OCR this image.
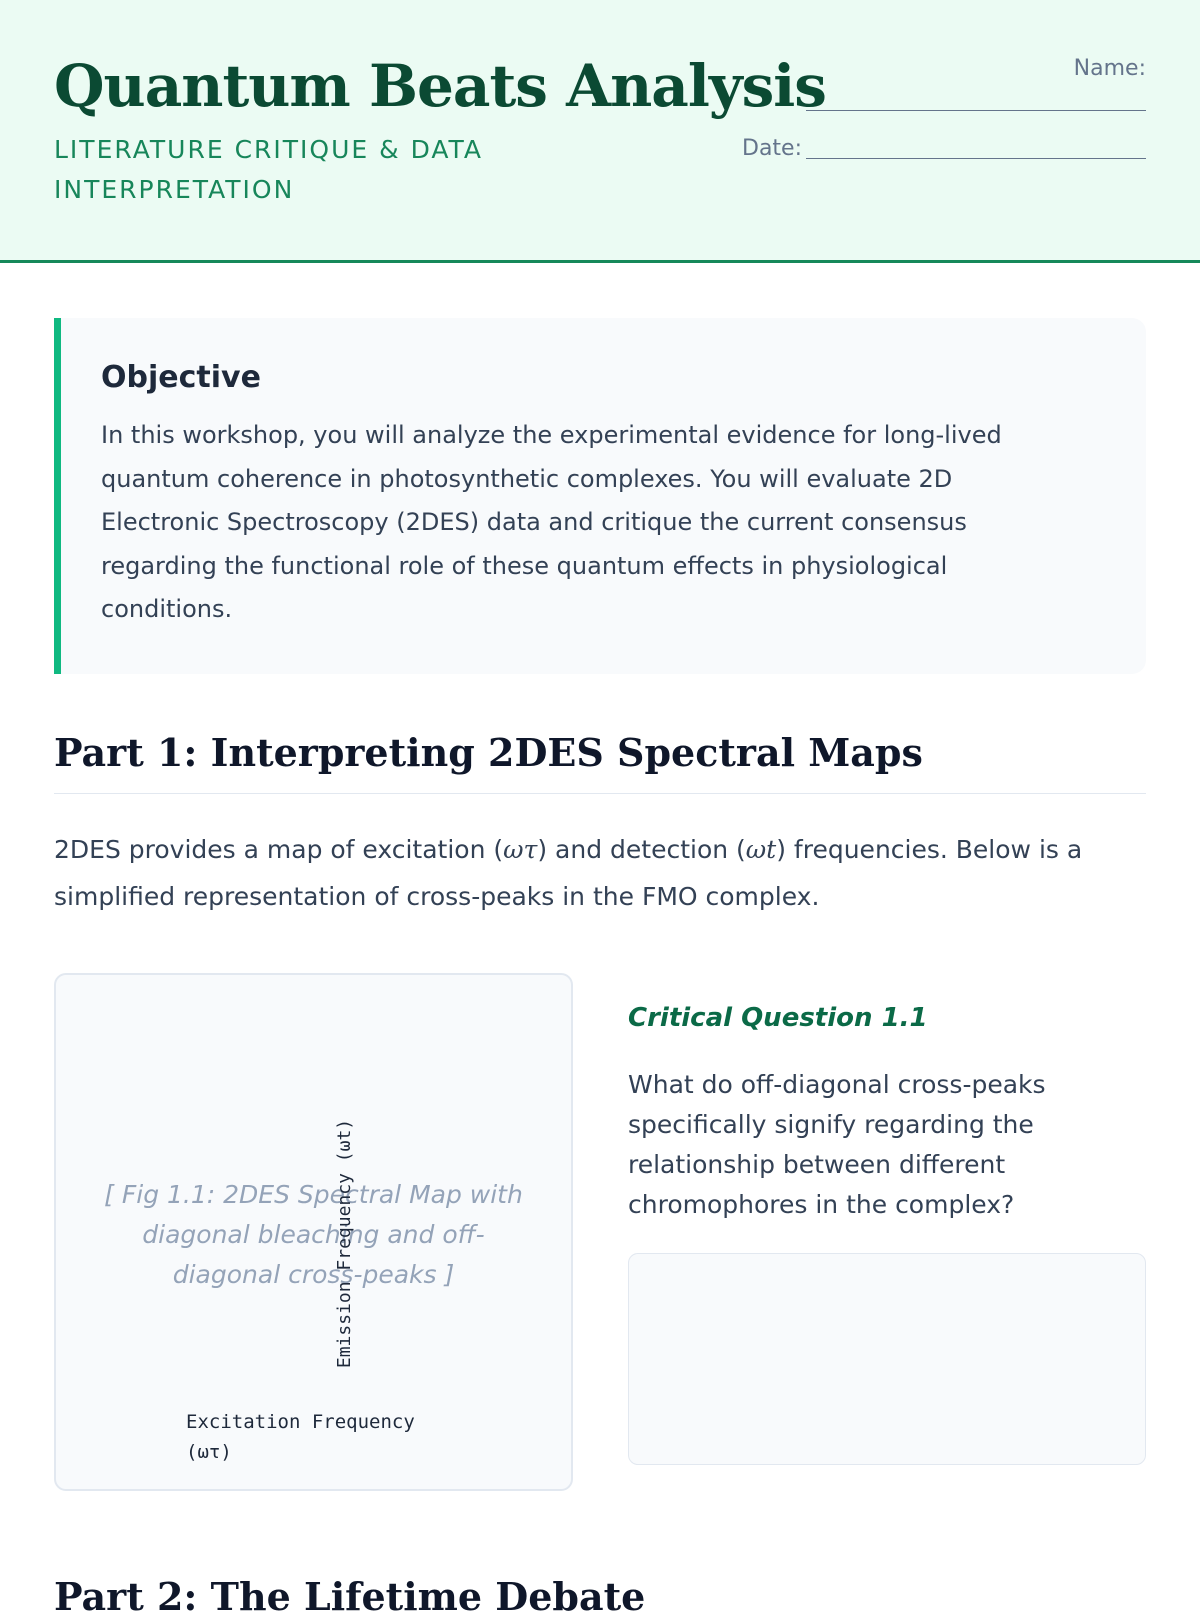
Quantum Beats Analysis

LITERATURE CRITIQUE & DATA INTERPRETATION

Name:
Date:
Objective

In this workshop, you will analyze the experimental evidence for long-lived quantum coherence in photosynthetic complexes. You will evaluate 2D Electronic Spectroscopy (2DES) data and critique the current consensus regarding the functional role of these quantum effects in physiological conditions.

Part 1: Interpreting 2DES Spectral Maps

2DES provides a map of excitation (ωτ) and detection (ωt) frequencies. Below is a simplified representation of cross-peaks in the FMO complex.

[ Fig 1.1: 2DES Spectral Map with diagonal bleaching and off-diagonal cross-peaks ]

Emission Frequency (ωt)

Excitation Frequency (ωτ)

Critical Question 1.1

What do off-diagonal cross-peaks specifically signify regarding the relationship between different chromophores in the complex?

Part 2: The Lifetime Debate
